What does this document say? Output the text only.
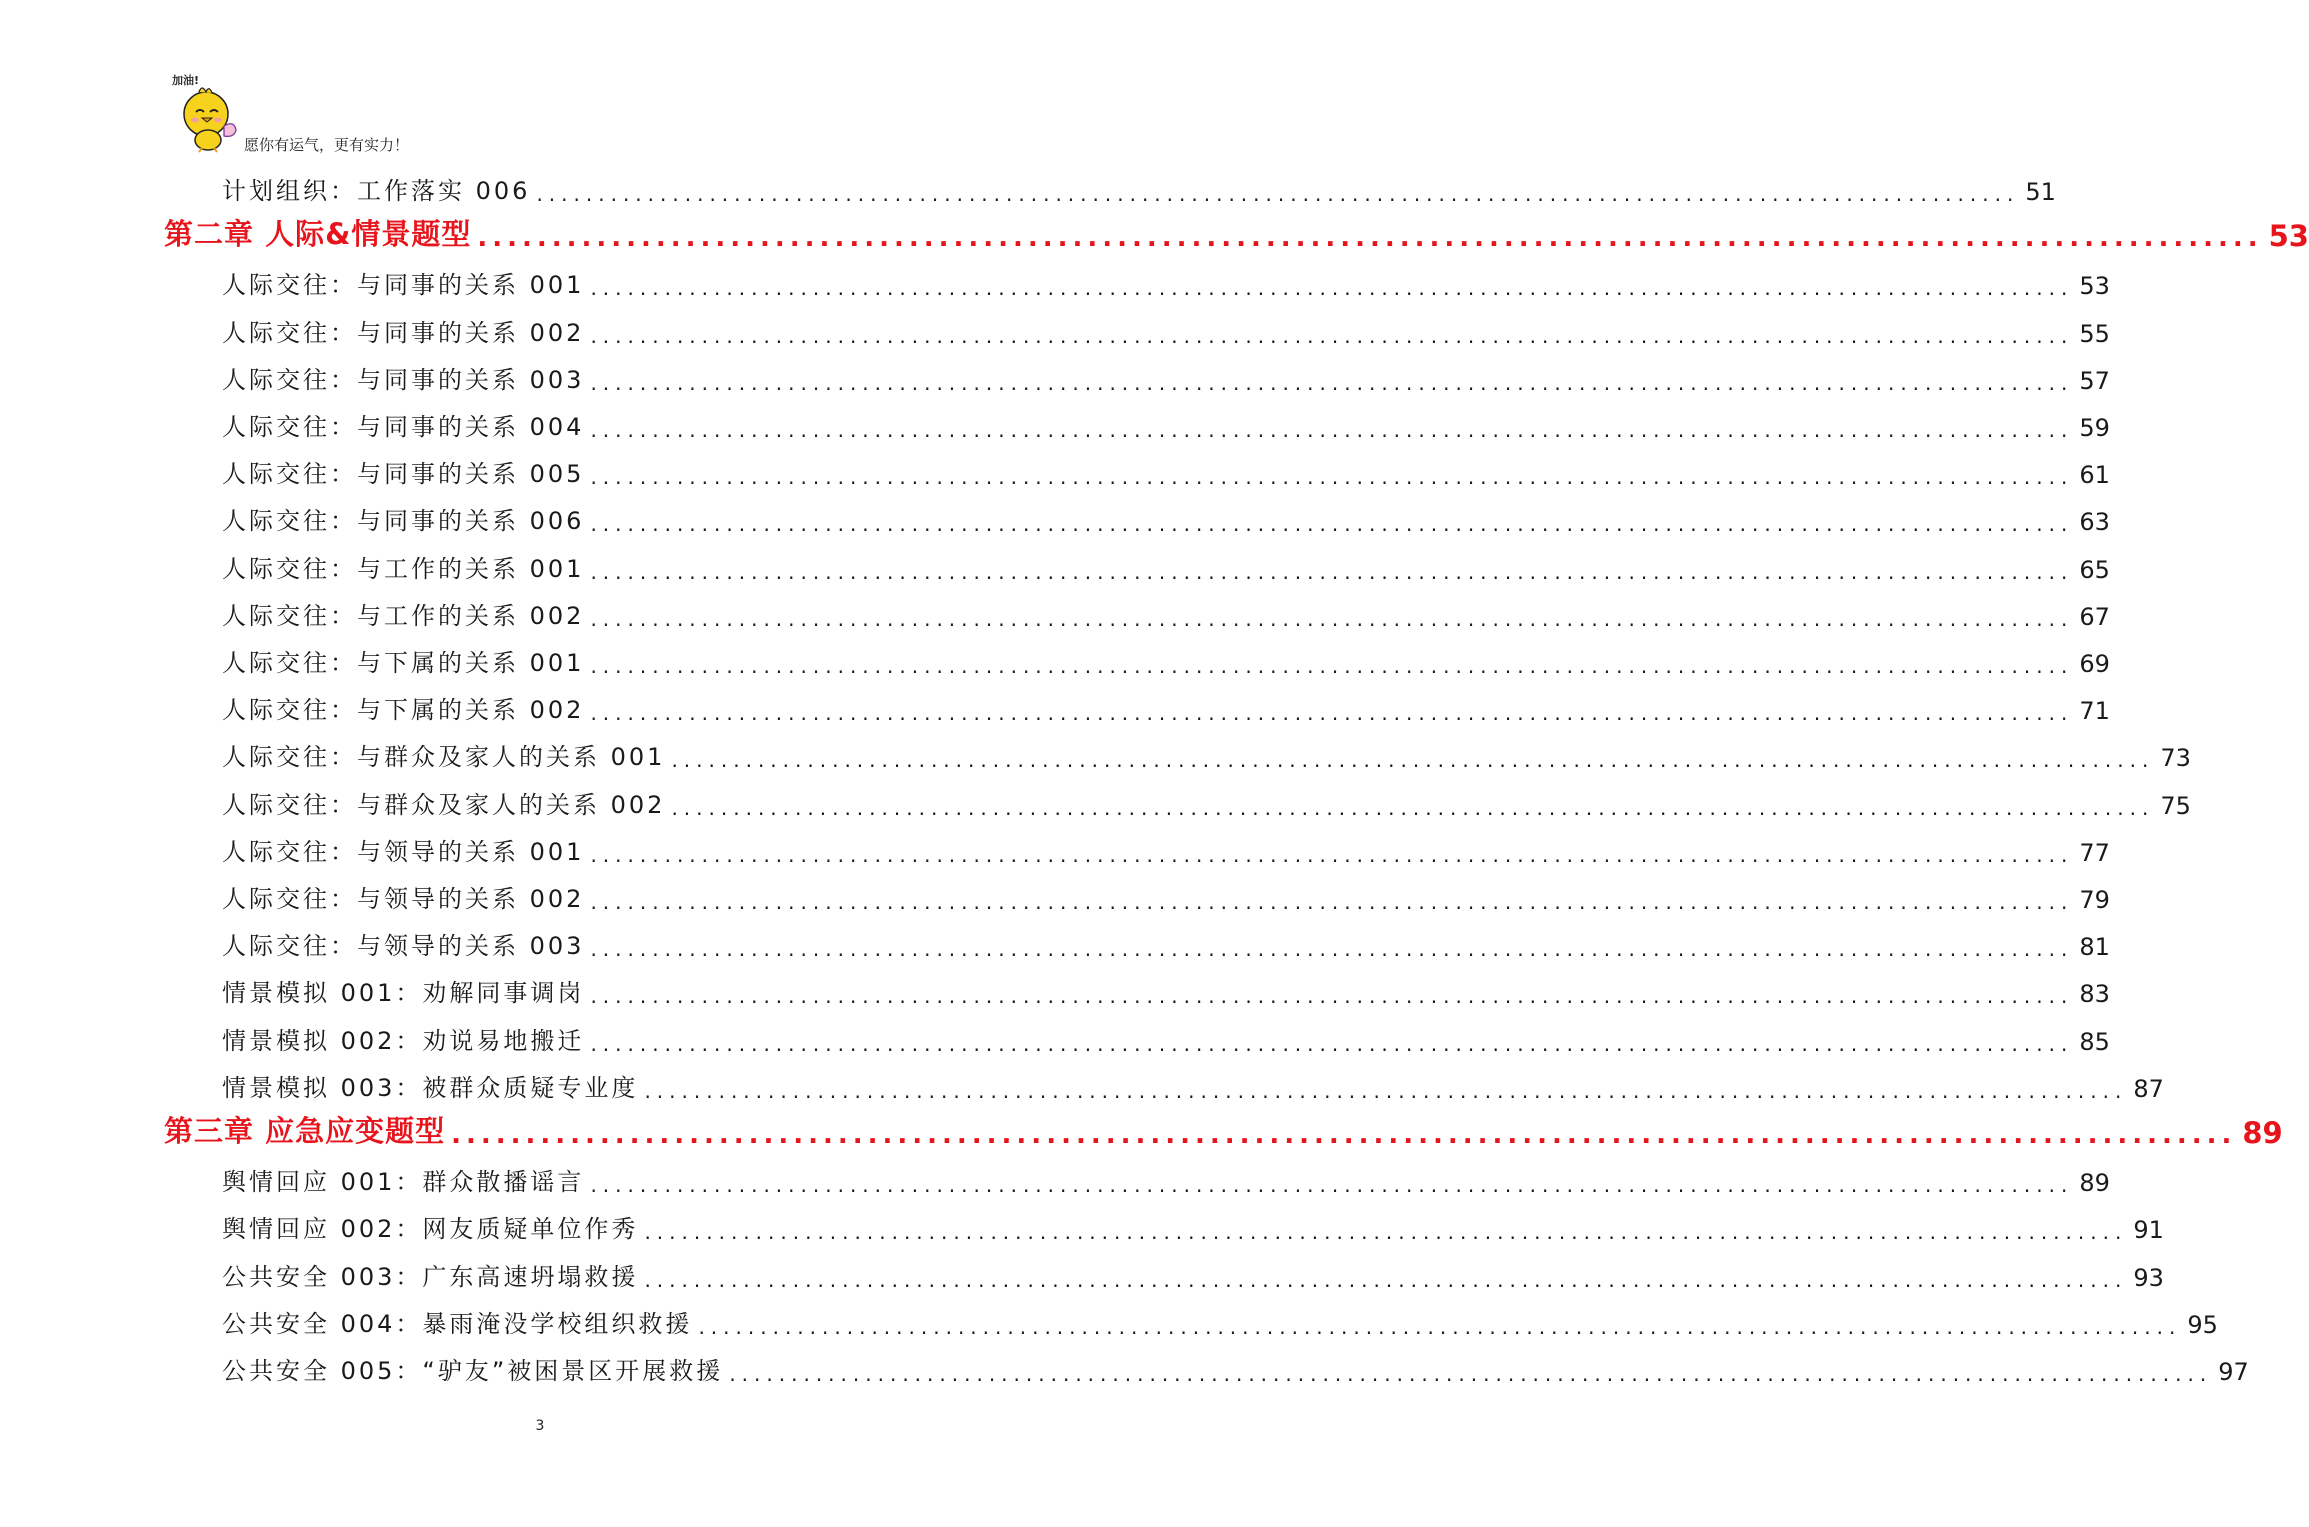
加油!
愿你有运气，更有实力！
计划组织：工作落实 006 ........................................................................................................................ 51
第二章 人际&情景题型 ........................................................................................................................ 53
人际交往：与同事的关系 001 ........................................................................................................................ 53
人际交往：与同事的关系 002 ........................................................................................................................ 55
人际交往：与同事的关系 003 ........................................................................................................................ 57
人际交往：与同事的关系 004 ........................................................................................................................ 59
人际交往：与同事的关系 005 ........................................................................................................................ 61
人际交往：与同事的关系 006 ........................................................................................................................ 63
人际交往：与工作的关系 001 ........................................................................................................................ 65
人际交往：与工作的关系 002 ........................................................................................................................ 67
人际交往：与下属的关系 001 ........................................................................................................................ 69
人际交往：与下属的关系 002 ........................................................................................................................ 71
人际交往：与群众及家人的关系 001 ........................................................................................................................ 73
人际交往：与群众及家人的关系 002 ........................................................................................................................ 75
人际交往：与领导的关系 001 ........................................................................................................................ 77
人际交往：与领导的关系 002 ........................................................................................................................ 79
人际交往：与领导的关系 003 ........................................................................................................................ 81
情景模拟 001：劝解同事调岗 ........................................................................................................................ 83
情景模拟 002：劝说易地搬迁 ........................................................................................................................ 85
情景模拟 003：被群众质疑专业度 ........................................................................................................................ 87
第三章 应急应变题型 ........................................................................................................................ 89
舆情回应 001：群众散播谣言 ........................................................................................................................ 89
舆情回应 002：网友质疑单位作秀 ........................................................................................................................ 91
公共安全 003：广东高速坍塌救援 ........................................................................................................................ 93
公共安全 004：暴雨淹没学校组织救援 ........................................................................................................................ 95
公共安全 005：“驴友”被困景区开展救援 ........................................................................................................................ 97
3
